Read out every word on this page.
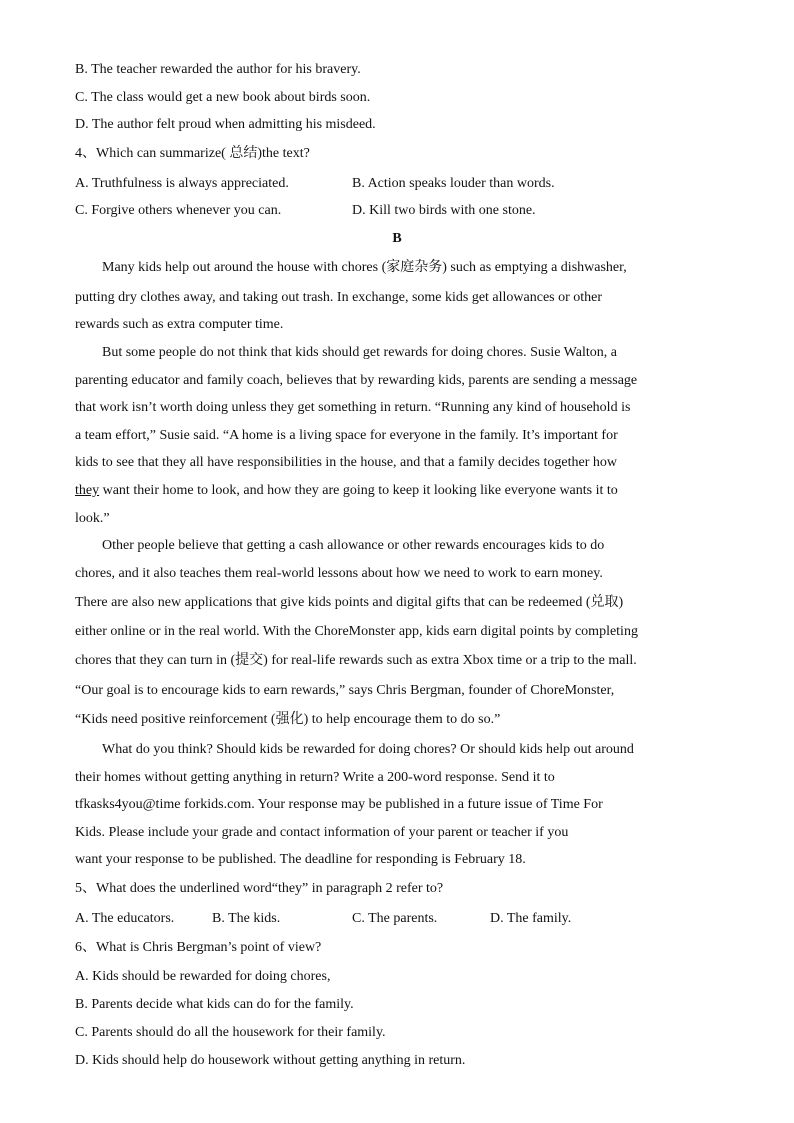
B. The teacher rewarded the author for his bravery.
C. The class would get a new book about birds soon.
D. The author felt proud when admitting his misdeed.
4、Which can summarize( 总结)the text?
A. Truthfulness is always appreciated.	B. Action speaks louder than words.
C. Forgive others whenever you can.	D. Kill two birds with one stone.
B
Many kids help out around the house with chores (家庭杂务) such as emptying a dishwasher,
putting dry clothes away, and taking out trash. In exchange, some kids get allowances or other
rewards such as extra computer time.
But some people do not think that kids should get rewards for doing chores. Susie Walton, a
parenting educator and family coach, believes that by rewarding kids, parents are sending a message
that work isn’t worth doing unless they get something in return. “Running any kind of household is
a team effort,” Susie said. “A home is a living space for everyone in the family. It’s important for
kids to see that they all have responsibilities in the house, and that a family decides together how
they want their home to look, and how they are going to keep it looking like everyone wants it to
look.”
Other people believe that getting a cash allowance or other rewards encourages kids to do
chores, and it also teaches them real-world lessons about how we need to work to earn money.
There are also new applications that give kids points and digital gifts that can be redeemed (兑取)
either online or in the real world. With the ChoreMonster app, kids earn digital points by completing
chores that they can turn in (提交) for real-life rewards such as extra Xbox time or a trip to the mall.
“Our goal is to encourage kids to earn rewards,” says Chris Bergman, founder of ChoreMonster,
“Kids need positive reinforcement (强化) to help encourage them to do so.”
What do you think? Should kids be rewarded for doing chores? Or should kids help out around
their homes without getting anything in return? Write a 200-word response. Send it to
tfkasks4you@time forkids.com. Your response may be published in a future issue of Time For
Kids. Please include your grade and contact information of your parent or teacher if you
want your response to be published. The deadline for responding is February 18.
5、What does the underlined word“they” in paragraph 2 refer to?
A. The educators.	B. The kids.	C. The parents.	D. The family.
6、What is Chris Bergman’s point of view?
A. Kids should be rewarded for doing chores,
B. Parents decide what kids can do for the family.
C. Parents should do all the housework for their family.
D. Kids should help do housework without getting anything in return.
